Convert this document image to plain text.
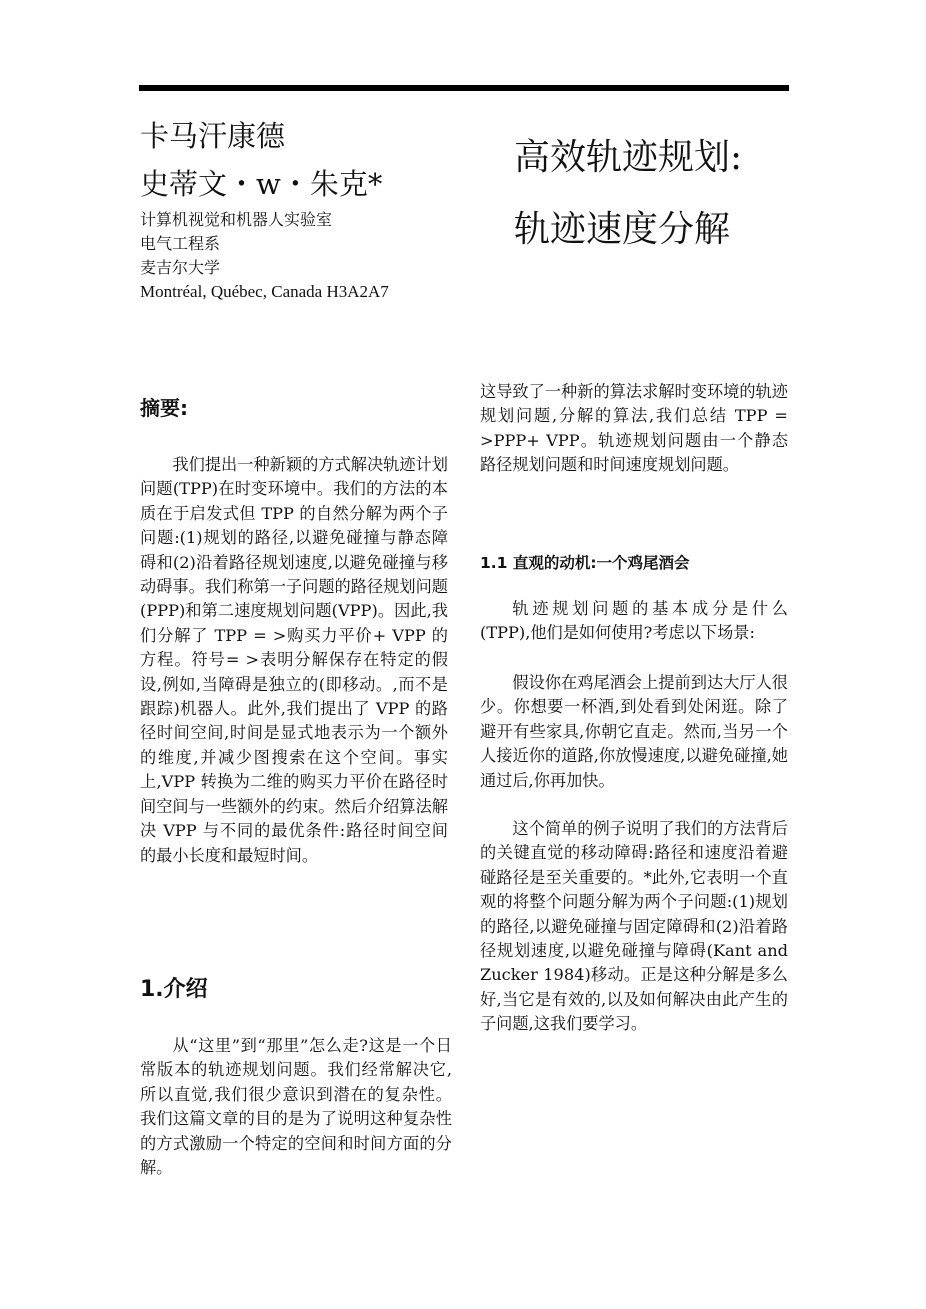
卡马汗康德
史蒂文・w・朱克*
计算机视觉和机器人实验室
电气工程系
麦吉尔大学
Montréal, Québec, Canada H3A2A7
高效轨迹规划:
轨迹速度分解
摘要:
我们提出一种新颖的方式解决轨迹计划问题(TPP)在时变环境中。我们的方法的本质在于启发式但 TPP 的自然分解为两个子问题:(1)规划的路径,以避免碰撞与静态障碍和(2)沿着路径规划速度,以避免碰撞与移动碍事。我们称第一子问题的路径规划问题(PPP)和第二速度规划问题(VPP)。因此,我们分解了 TPP = >购买力平价+ VPP 的方程。符号= >表明分解保存在特定的假设,例如,当障碍是独立的(即移动。,而不是跟踪)机器人。此外,我们提出了 VPP 的路径时间空间,时间是显式地表示为一个额外的维度,并减少图搜索在这个空间。事实上,VPP 转换为二维的购买力平价在路径时间空间与一些额外的约束。然后介绍算法解决 VPP 与不同的最优条件:路径时间空间的最小长度和最短时间。
1.介绍
从“这里”到“那里”怎么走?这是一个日常版本的轨迹规划问题。我们经常解决它,所以直觉,我们很少意识到潜在的复杂性。我们这篇文章的目的是为了说明这种复杂性的方式激励一个特定的空间和时间方面的分解。
这导致了一种新的算法求解时变环境的轨迹规划问题,分解的算法,我们总结 TPP = >PPP+ VPP。轨迹规划问题由一个静态路径规划问题和时间速度规划问题。
1.1 直观的动机:一个鸡尾酒会
轨迹规划问题的基本成分是什么(TPP),他们是如何使用?考虑以下场景:
假设你在鸡尾酒会上提前到达大厅人很少。你想要一杯酒,到处看到处闲逛。除了避开有些家具,你朝它直走。然而,当另一个人接近你的道路,你放慢速度,以避免碰撞,她通过后,你再加快。
这个简单的例子说明了我们的方法背后的关键直觉的移动障碍:路径和速度沿着避碰路径是至关重要的。*此外,它表明一个直观的将整个问题分解为两个子问题:(1)规划的路径,以避免碰撞与固定障碍和(2)沿着路径规划速度,以避免碰撞与障碍(Kant and Zucker 1984)移动。正是这种分解是多么好,当它是有效的,以及如何解决由此产生的子问题,这我们要学习。
